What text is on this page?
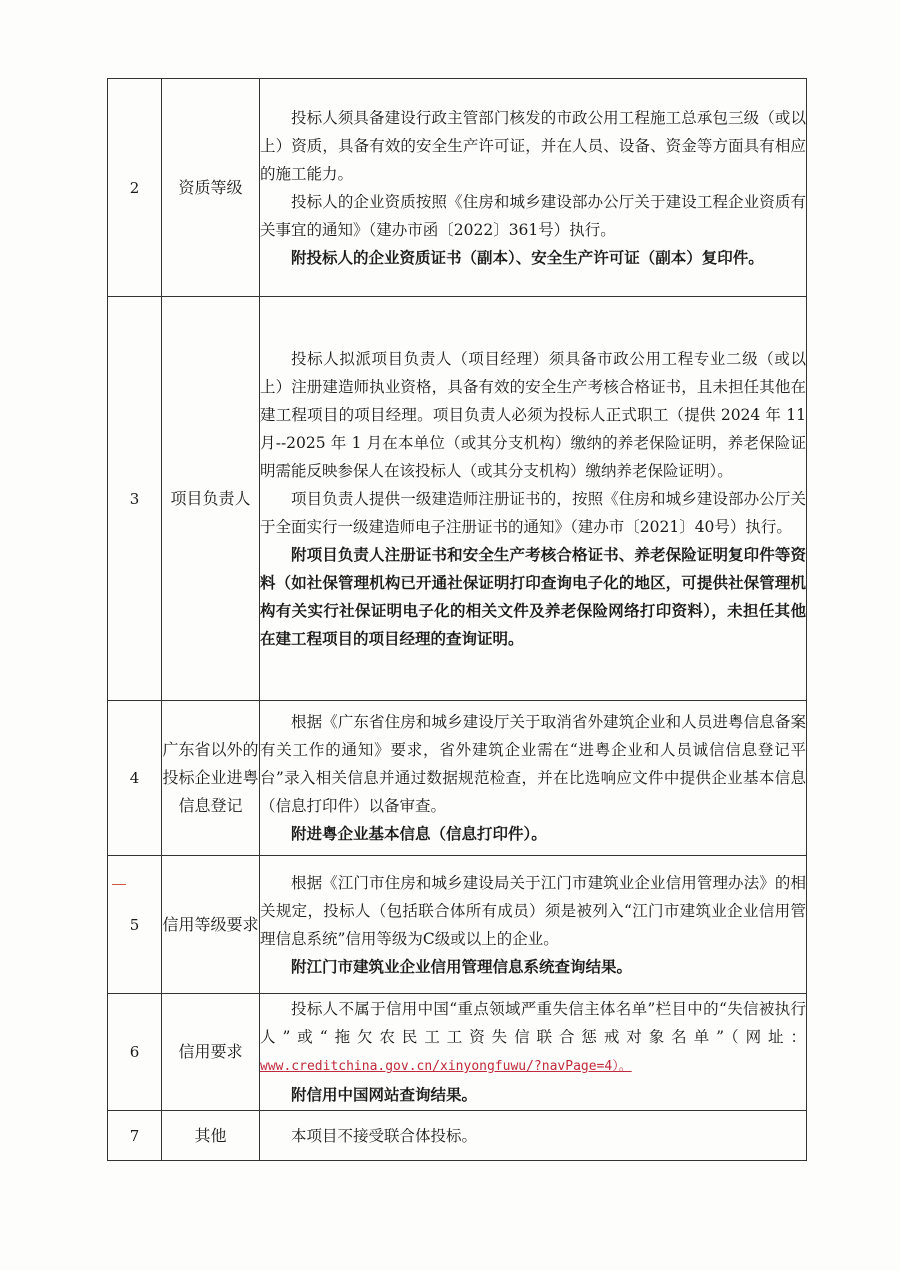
2	资质等级	投标人须具备建设行政主管部门核发的市政公用工程施工总承包三级（或以上）资质，具备有效的安全生产许可证，并在人员、设备、资金等方面具有相应的施工能力。

投标人的企业资质按照《住房和城乡建设部办公厅关于建设工程企业资质有关事宜的通知》（建办市函〔2022〕361号）执行。

附投标人的企业资质证书（副本）、安全生产许可证（副本）复印件。

3	项目负责人	投标人拟派项目负责人（项目经理）须具备市政公用工程专业二级（或以上）注册建造师执业资格，具备有效的安全生产考核合格证书，且未担任其他在建工程项目的项目经理。项目负责人必须为投标人正式职工（提供 2024 年 11 月--2025 年 1 月在本单位（或其分支机构）缴纳的养老保险证明，养老保险证明需能反映参保人在该投标人（或其分支机构）缴纳养老保险证明）。

项目负责人提供一级建造师注册证书的，按照《住房和城乡建设部办公厅关于全面实行一级建造师电子注册证书的通知》（建办市〔2021〕40号）执行。

附项目负责人注册证书和安全生产考核合格证书、养老保险证明复印件等资料（如社保管理机构已开通社保证明打印查询电子化的地区，可提供社保管理机构有关实行社保证明电子化的相关文件及养老保险网络打印资料），未担任其他在建工程项目的项目经理的查询证明。

4	广东省以外的投标企业进粤信息登记	根据《广东省住房和城乡建设厅关于取消省外建筑企业和人员进粤信息备案有关工作的通知》要求，省外建筑企业需在“进粤企业和人员诚信信息登记平台”录入相关信息并通过数据规范检查，并在比选响应文件中提供企业基本信息（信息打印件）以备审查。

附进粤企业基本信息（信息打印件）。

5	信用等级要求	根据《江门市住房和城乡建设局关于江门市建筑业企业信用管理办法》的相关规定，投标人（包括联合体所有成员）须是被列入“江门市建筑业企业信用管理信息系统”信用等级为C级或以上的企业。

附江门市建筑业企业信用管理信息系统查询结果。

6	信用要求	投标人不属于信用中国“重点领域严重失信主体名单”栏目中的“失信被执行人”或“拖欠农民工工资失信联合惩戒对象名单”（网址：www.creditchina.gov.cn/xinyongfuwu/?navPage=4）。

附信用中国网站查询结果。

7	其他	本项目不接受联合体投标。
